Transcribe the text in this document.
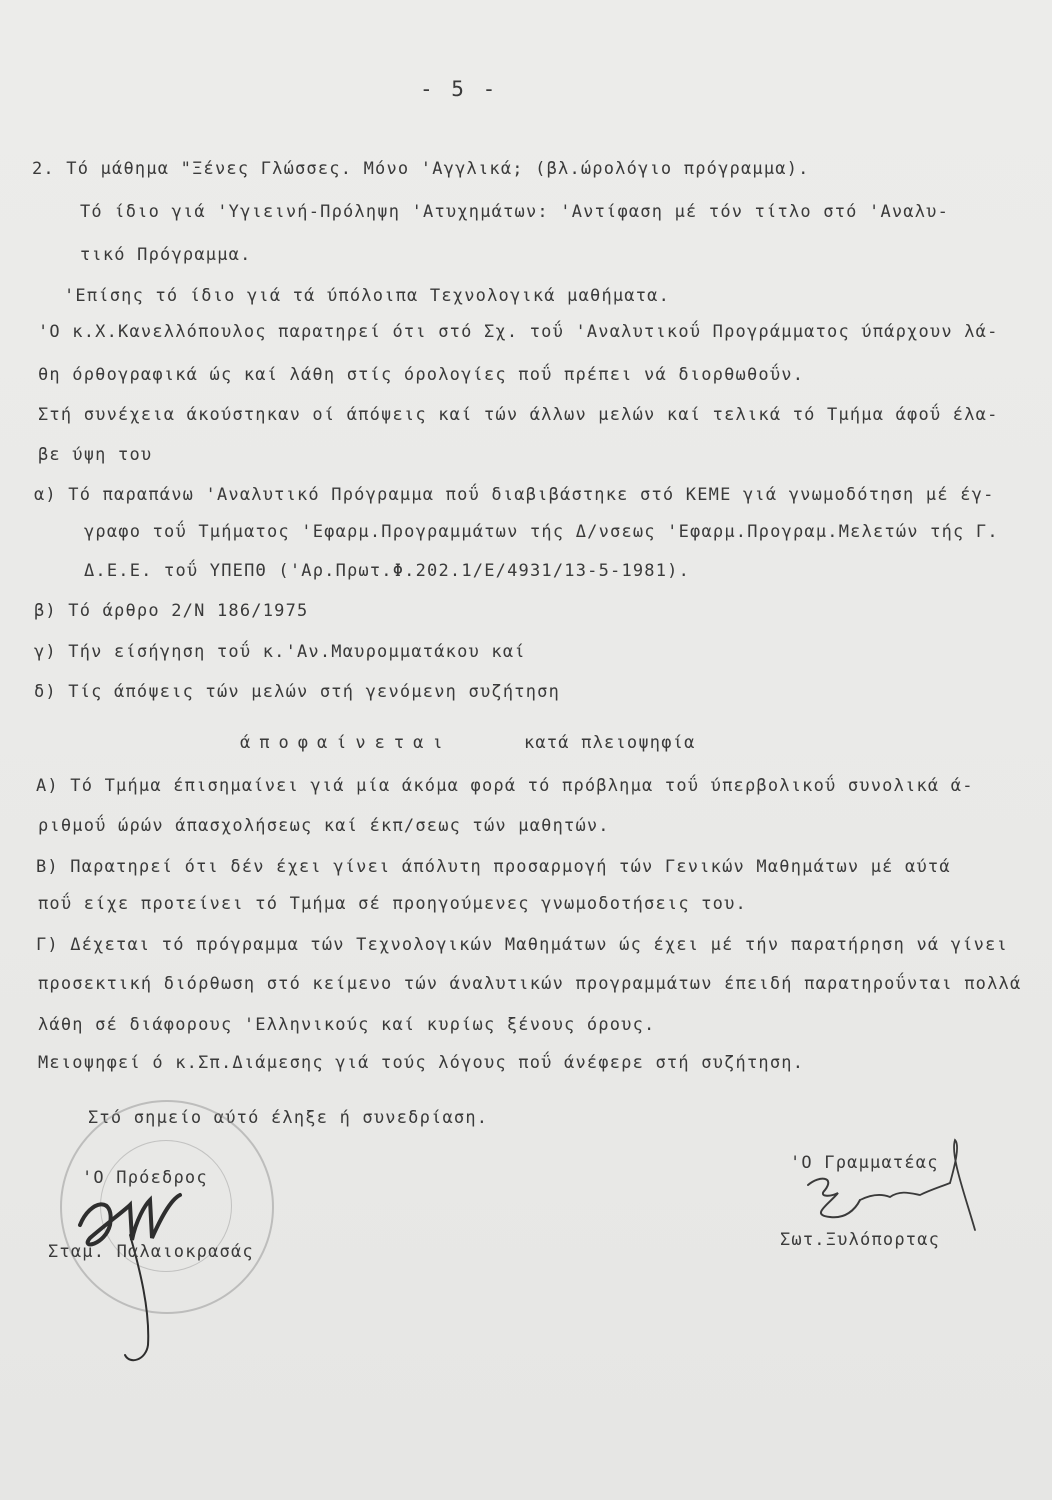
- 5 -
2. Τό μάθημα "Ξένες Γλώσσες. Μόνο 'Αγγλικά; (βλ.ώρολόγιο πρόγραμμα).
Τό ίδιο γιά 'Υγιεινή-Πρόληψη 'Ατυχημάτων: 'Αντίφαση μέ τόν τίτλο στό 'Αναλυ-
τικό Πρόγραμμα.
'Επίσης τό ίδιο γιά τά ύπόλοιπα Τεχνολογικά μαθήματα.
'Ο κ.Χ.Κανελλόπουλος παρατηρεί ότι στό Σχ. τοΰ 'Αναλυτικοΰ Προγράμματος ύπάρχουν λά-
θη όρθογραφικά ώς καί λάθη στίς όρολογίες ποΰ πρέπει νά διορθωθοΰν.
Στή συνέχεια άκούστηκαν οί άπόψεις καί τών άλλων μελών καί τελικά τό Τμήμα άφοΰ έλα-
βε ύψη του
α) Τό παραπάνω 'Αναλυτικό Πρόγραμμα ποΰ διαβιβάστηκε στό ΚΕΜΕ γιά γνωμοδότηση μέ έγ-
γραφο τοΰ Τμήματος 'Εφαρμ.Προγραμμάτων τής Δ/νσεως 'Εφαρμ.Προγραμ.Μελετών τής Γ.
Δ.Ε.Ε. τοΰ ΥΠΕΠΘ ('Αρ.Πρωτ.Φ.202.1/Ε/4931/13-5-1981).
β) Τό άρθρο 2/Ν 186/1975
γ) Τήν είσήγηση τοΰ κ.'Αν.Μαυρομματάκου καί
δ) Τίς άπόψεις τών μελών στή γενόμενη συζήτηση
άποφαίνεται	κατά πλειοψηφία
Α) Τό Τμήμα έπισημαίνει γιά μία άκόμα φορά τό πρόβλημα τοΰ ύπερβολικοΰ συνολικά ά-
ριθμοΰ ώρών άπασχολήσεως καί έκπ/σεως τών μαθητών.
Β) Παρατηρεί ότι δέν έχει γίνει άπόλυτη προσαρμογή τών Γενικών Μαθημάτων μέ αύτά
ποΰ είχε προτείνει τό Τμήμα σέ προηγούμενες γνωμοδοτήσεις του.
Γ) Δέχεται τό πρόγραμμα τών Τεχνολογικών Μαθημάτων ώς έχει μέ τήν παρατήρηση νά γίνει
προσεκτική διόρθωση στό κείμενο τών άναλυτικών προγραμμάτων έπειδή παρατηροΰνται πολλά
λάθη σέ διάφορους 'Ελληνικούς καί κυρίως ξένους όρους.
Μειοψηφεί ό κ.Σπ.Διάμεσης γιά τούς λόγους ποΰ άνέφερε στή συζήτηση.
Στό σημείο αύτό έληξε ή συνεδρίαση.
'Ο Πρόεδρος
Σταμ. Παλαιοκρασάς
'Ο Γραμματέας
Σωτ.Ξυλόπορτας
